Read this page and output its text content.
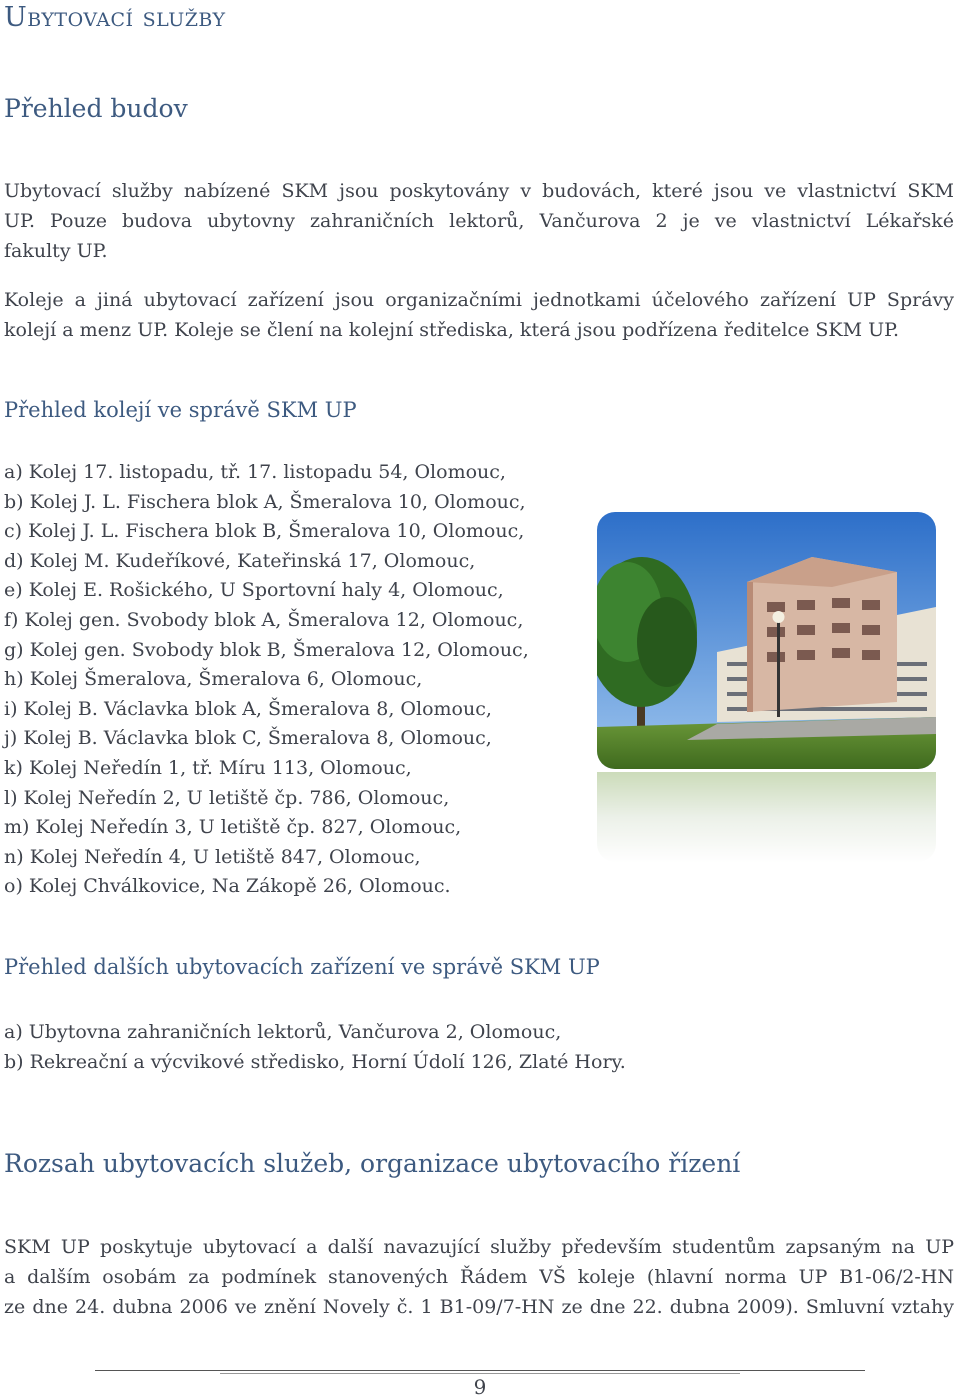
Ubytovací služby
Přehled budov
Ubytovací služby nabízené SKM jsou poskytovány v budovách, které jsou ve vlastnictví SKM
UP. Pouze budova ubytovny zahraničních lektorů, Vančurova 2 je ve vlastnictví Lékařské
fakulty UP.
Koleje a jiná ubytovací zařízení jsou organizačními jednotkami účelového zařízení UP Správy
kolejí a menz UP. Koleje se člení na kolejní střediska, která jsou podřízena ředitelce SKM UP.
Přehled kolejí ve správě SKM UP
a) Kolej 17. listopadu, tř. 17. listopadu 54, Olomouc,
b) Kolej J. L. Fischera blok A, Šmeralova 10, Olomouc,
c) Kolej J. L. Fischera blok B, Šmeralova 10, Olomouc,
d) Kolej M. Kudeříkové, Kateřinská 17, Olomouc,
e) Kolej E. Rošického, U Sportovní haly 4, Olomouc,
f) Kolej gen. Svobody blok A, Šmeralova 12, Olomouc,
g) Kolej gen. Svobody blok B, Šmeralova 12, Olomouc,
h) Kolej Šmeralova, Šmeralova 6, Olomouc,
i) Kolej B. Václavka blok A, Šmeralova 8, Olomouc,
j) Kolej B. Václavka blok C, Šmeralova 8, Olomouc,
k) Kolej Neředín 1, tř. Míru 113, Olomouc,
l) Kolej Neředín 2, U letiště čp. 786, Olomouc,
m) Kolej Neředín 3, U letiště čp. 827, Olomouc,
n) Kolej Neředín 4, U letiště 847, Olomouc,
o) Kolej Chválkovice, Na Zákopě 26, Olomouc.
Přehled dalších ubytovacích zařízení ve správě SKM UP
a) Ubytovna zahraničních lektorů, Vančurova 2, Olomouc,
b) Rekreační a výcvikové středisko, Horní Údolí 126, Zlaté Hory.
Rozsah ubytovacích služeb, organizace ubytovacího řízení
SKM UP poskytuje ubytovací a další navazující služby především studentům zapsaným na UP
a dalším osobám za podmínek stanovených Řádem VŠ koleje (hlavní norma UP B1-06/2-HN
ze dne 24. dubna 2006 ve znění Novely č. 1 B1-09/7-HN ze dne 22. dubna 2009). Smluvní vztahy
9
